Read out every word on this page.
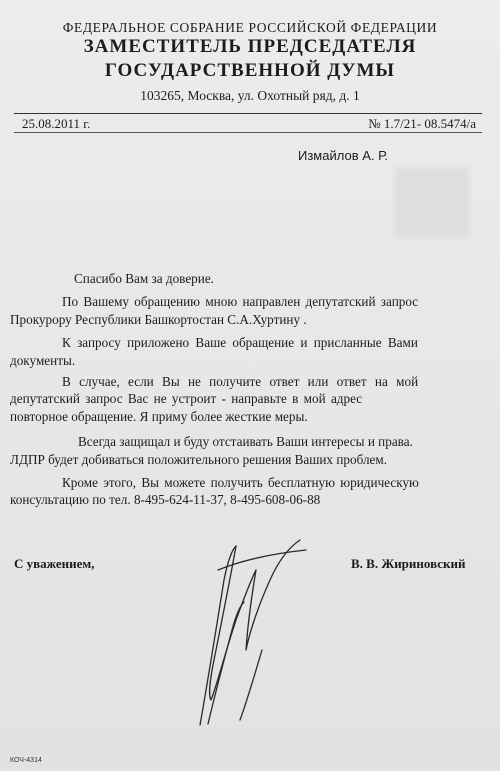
ФЕДЕРАЛЬНОЕ СОБРАНИЕ РОССИЙСКОЙ ФЕДЕРАЦИИ
ЗАМЕСТИТЕЛЬ ПРЕДСЕДАТЕЛЯ
ГОСУДАРСТВЕННОЙ ДУМЫ
103265, Москва, ул. Охотный ряд, д. 1
25.08.2011 г.	№ 1.7/21- 08.5474/а
Измайлов А. Р.

Спасибо Вам за доверие.

По Вашему обращению мною направлен депутатский запрос

Прокурору Республики Башкортостан С.А.Хуртину .

К запросу приложено Ваше обращение и присланные Вами

документы.

В случае, если Вы не получите ответ или ответ на мой

депутатский запрос Вас не устроит - направьте в мой адрес

повторное обращение. Я приму более жесткие меры.

Всегда защищал и буду отстаивать Ваши интересы и права.

ЛДПР будет добиваться положительного решения Ваших проблем.

Кроме этого, Вы можете получить бесплатную юридическую

консультацию по тел. 8-495-624-11-37, 8-495-608-06-88

С уважением,	В. В. Жириновский
КОЧ-4314
